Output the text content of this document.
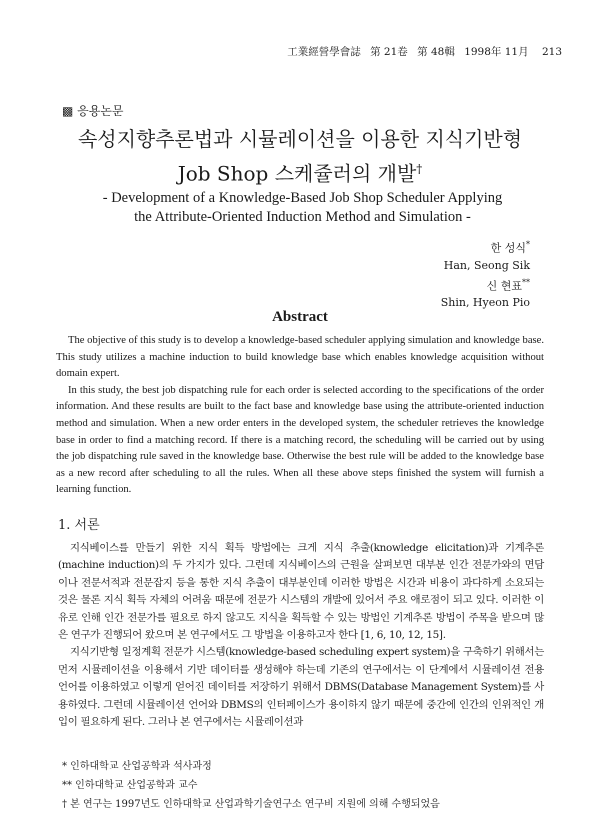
工業經營學會誌 第 21卷 第 48輯 1998年 11月 213
▩ 응용논문
속성지향추론법과 시뮬레이션을 이용한 지식기반형
Job Shop 스케쥴러의 개발†
- Development of a Knowledge-Based Job Shop Scheduler Applying
the Attribute-Oriented Induction Method and Simulation -
한 성식*
Han, Seong Sik
신 현표**
Shin, Hyeon Pio
Abstract

The objective of this study is to develop a knowledge-based scheduler applying simulation and knowledge base. This study utilizes a machine induction to build knowledge base which enables knowledge acquisition without domain expert.

In this study, the best job dispatching rule for each order is selected according to the specifications of the order information. And these results are built to the fact base and knowledge base using the attribute-oriented induction method and simulation. When a new order enters in the developed system, the scheduler retrieves the knowledge base in order to find a matching record. If there is a matching record, the scheduling will be carried out by using the job dispatching rule saved in the knowledge base. Otherwise the best rule will be added to the knowledge base as a new record after scheduling to all the rules. When all these above steps finished the system will furnish a learning function.

1. 서론

지식베이스를 만들기 위한 지식 획득 방법에는 크게 지식 추출(knowledge elicitation)과 기계추론(machine induction)의 두 가지가 있다. 그런데 지식베이스의 근원을 살펴보면 대부분 인간 전문가와의 면담이나 전문서적과 전문잡지 등을 통한 지식 추출이 대부분인데 이러한 방법은 시간과 비용이 과다하게 소요되는 것은 물론 지식 획득 자체의 어려움 때문에 전문가 시스템의 개발에 있어서 주요 애로점이 되고 있다. 이러한 이유로 인해 인간 전문가를 필요로 하지 않고도 지식을 획득할 수 있는 방법인 기계추론 방법이 주목을 받으며 많은 연구가 진행되어 왔으며 본 연구에서도 그 방법을 이용하고자 한다 [1, 6, 10, 12, 15].

지식기반형 일정계획 전문가 시스템(knowledge-based scheduling expert system)을 구축하기 위해서는 먼저 시뮬레이션을 이용해서 기반 데이터를 생성해야 하는데 기존의 연구에서는 이 단계에서 시뮬레이션 전용 언어를 이용하였고 이렇게 얻어진 데이터를 저장하기 위해서 DBMS(Database Management System)를 사용하였다. 그런데 시뮬레이션 언어와 DBMS의 인터페이스가 용이하지 않기 때문에 중간에 인간의 인위적인 개입이 필요하게 된다. 그러나 본 연구에서는 시뮬레이션과

* 인하대학교 산업공학과 석사과정
** 인하대학교 산업공학과 교수
† 본 연구는 1997년도 인하대학교 산업과학기술연구소 연구비 지원에 의해 수행되었음
